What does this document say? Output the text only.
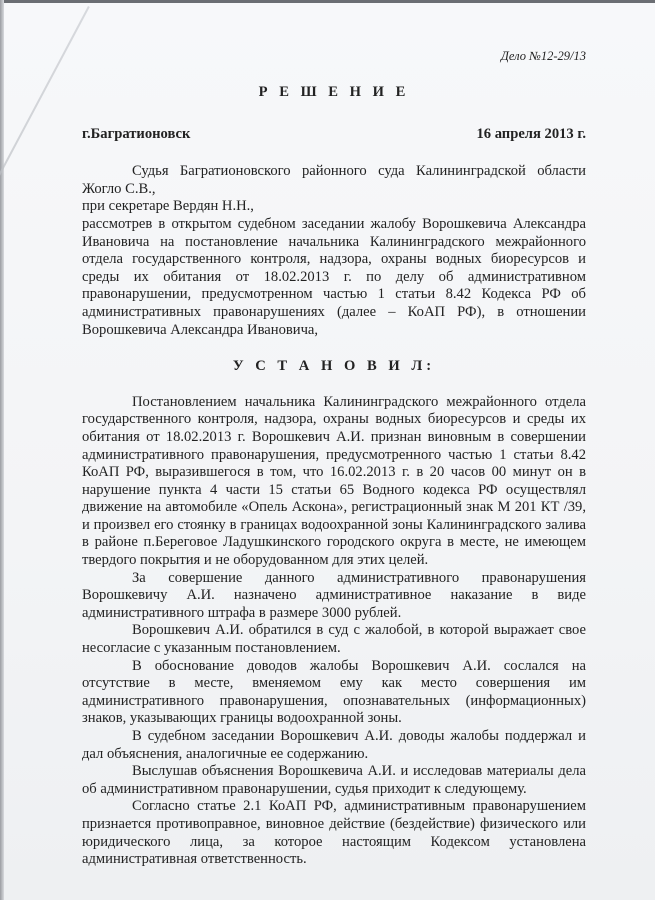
Дело №12-29/13
Р Е Ш Е Н И Е
г.Багратионовск	16 апреля 2013 г.
Судья Багратионовского районного суда Калининградской области
Жогло С.В.,
при секретаре Вердян Н.Н.,
рассмотрев в открытом судебном заседании жалобу Ворошкевича Александра Ивановича на постановление начальника Калининградского межрайонного отдела государственного контроля, надзора, охраны водных биоресурсов и среды их обитания от 18.02.2013 г. по делу об административном правонарушении, предусмотренном частью 1 статьи 8.42 Кодекса РФ об административных правонарушениях (далее – КоАП РФ), в отношении Ворошкевича Александра Ивановича,
У С Т А Н О В И Л:
Постановлением начальника Калининградского межрайонного отдела государственного контроля, надзора, охраны водных биоресурсов и среды их обитания от 18.02.2013 г. Ворошкевич А.И. признан виновным в совершении административного правонарушения, предусмотренного частью 1 статьи 8.42 КоАП РФ, выразившегося в том, что 16.02.2013 г. в 20 часов 00 минут он в нарушение пункта 4 части 15 статьи 65 Водного кодекса РФ осуществлял движение на автомобиле «Опель Аскона», регистрационный знак М 201 КТ /39, и произвел его стоянку в границах водоохранной зоны Калининградского залива в районе п.Береговое Ладушкинского городского округа в месте, не имеющем твердого покрытия и не оборудованном для этих целей.
За совершение данного административного правонарушения Ворошкевичу А.И. назначено административное наказание в виде административного штрафа в размере 3000 рублей.
Ворошкевич А.И. обратился в суд с жалобой, в которой выражает свое несогласие с указанным постановлением.
В обоснование доводов жалобы Ворошкевич А.И. сослался на отсутствие в месте, вменяемом ему как место совершения им административного правонарушения, опознавательных (информационных) знаков, указывающих границы водоохранной зоны.
В судебном заседании Ворошкевич А.И. доводы жалобы поддержал и дал объяснения, аналогичные ее содержанию.
Выслушав объяснения Ворошкевича А.И. и исследовав материалы дела об административном правонарушении, судья приходит к следующему.
Согласно статье 2.1 КоАП РФ, административным правонарушением признается противоправное, виновное действие (бездействие) физического или юридического лица, за которое настоящим Кодексом установлена административная ответственность.
